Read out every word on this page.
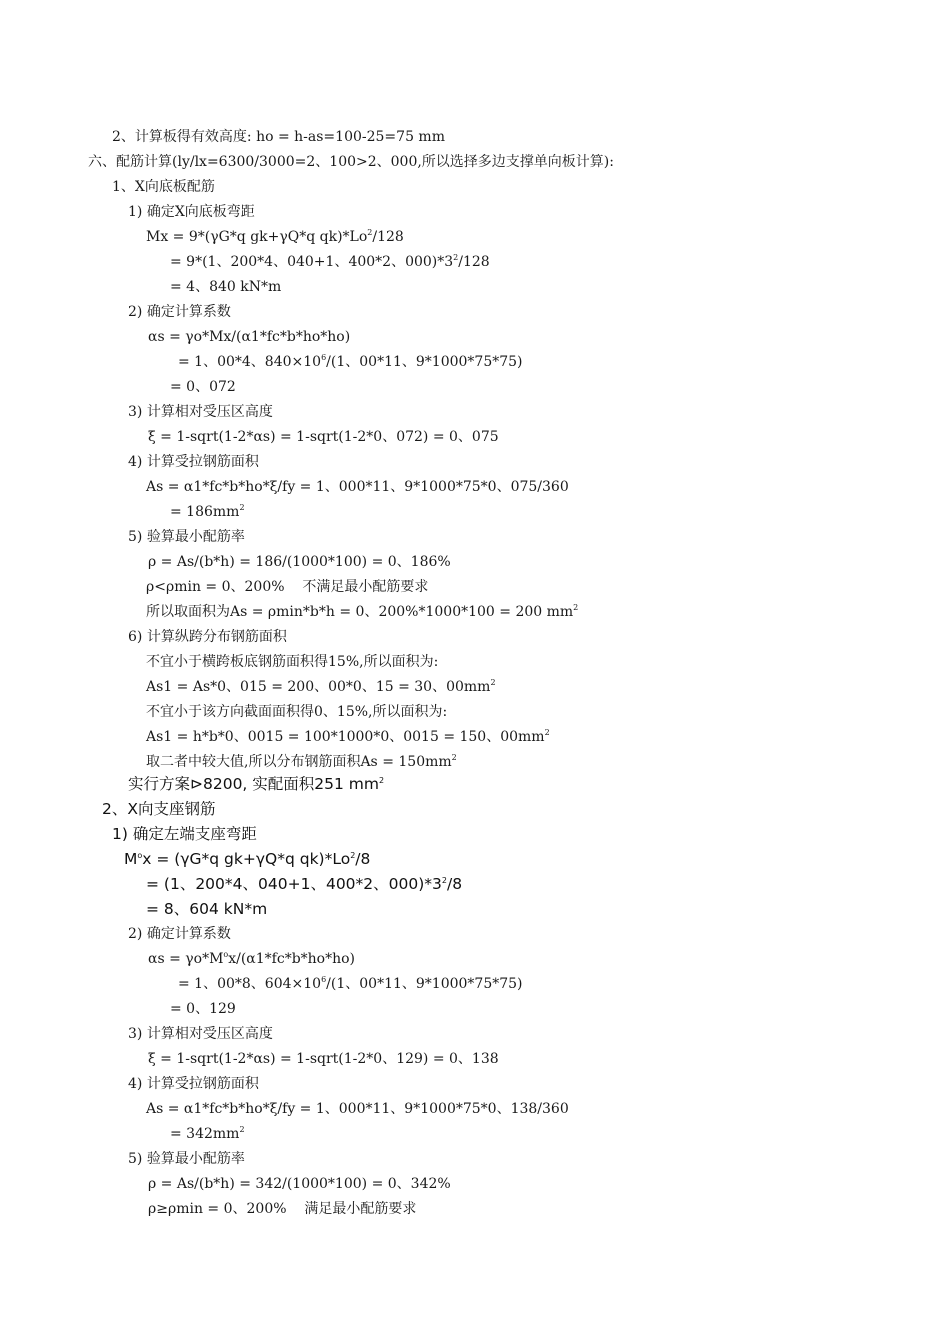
2、计算板得有效高度: ho = h-as=100-25=75 mm
六、配筋计算(ly/lx=6300/3000=2、100>2、000,所以选择多边支撑单向板计算):
1、X向底板配筋
1) 确定X向底板弯距
Mx = 9*(γG*q gk+γQ*q $qk)*Lo^2/128$
= 9*(1、200*4、040+1、400*2、$000)*3^2/128$
= 4、840 kN*m
2) 确定计算系数
αs = γo*Mx/(α1*fc*b*ho*ho)
= 1、00*4、$840\times 10^6/(1$、00*11、9*1000*75*75)
= 0、072
3) 计算相对受压区高度
ξ = 1-sqrt(1-2*αs) = 1-sqrt(1-2*0、072) = 0、075
4) 计算受拉钢筋面积
As = α1*fc*b*ho*ξ/fy = 1、000*11、9*1000*75*0、075/360
= $186mm^2$
5) 验算最小配筋率
ρ = As/(b*h) = 186/(1000*100) = 0、186%
ρ<ρmin = 0、200%    不满足最小配筋要求
所以取面积为As = ρmin*b*h = 0、200%*1000*100 = 200 $mm^2$
6) 计算纵跨分布钢筋面积
不宜小于横跨板底钢筋面积得15%,所以面积为:
As1 = As*0、015 = 200、00*0、15 = 30、$00mm^2$
不宜小于该方向截面面积得0、15%,所以面积为:
As1 = h*b*0、0015 = 100*1000*0、0015 = 150、$00mm^2$
取二者中较大值,所以分布钢筋面积$As = 150mm^2$
实行方案⊳8200, 实配面积251 $mm^2$
2、X向支座钢筋
1) 确定左端支座弯距
$M^ox = (\gamma G*q$ gk+γQ*q $qk)*Lo^2/8$
= (1、200*4、040+1、400*2、$000)*3^2/8$
= 8、604 kN*m
2) 确定计算系数
$\alpha s = \gamma o*M^ox/(\alpha 1*fc*b*ho*ho)$
= 1、00*8、$604\times 10^6/(1$、00*11、9*1000*75*75)
= 0、129
3) 计算相对受压区高度
ξ = 1-sqrt(1-2*αs) = 1-sqrt(1-2*0、129) = 0、138
4) 计算受拉钢筋面积
As = α1*fc*b*ho*ξ/fy = 1、000*11、9*1000*75*0、138/360
= $342mm^2$
5) 验算最小配筋率
ρ = As/(b*h) = 342/(1000*100) = 0、342%
ρ≥ρmin = 0、200%    满足最小配筋要求
